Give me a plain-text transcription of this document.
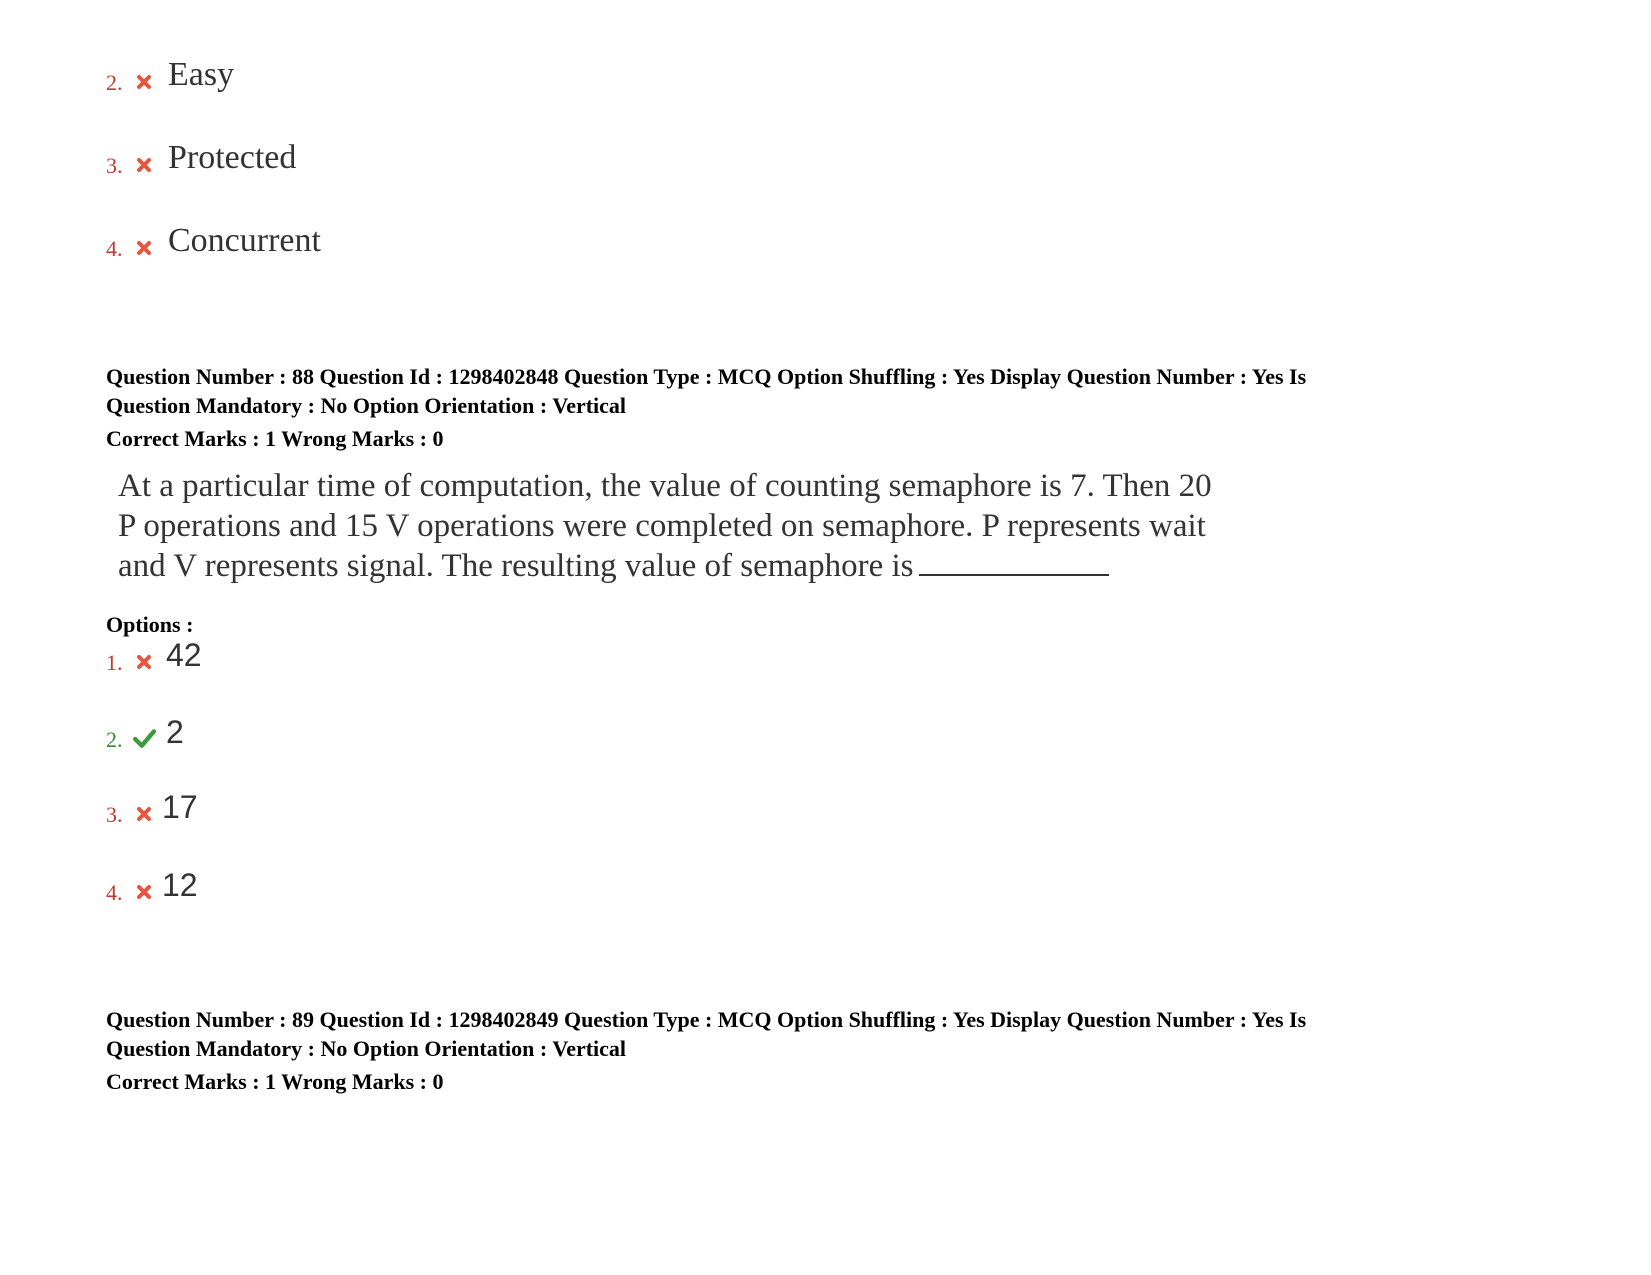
2. Easy
3. Protected
4. Concurrent
Question Number : 88 Question Id : 1298402848 Question Type : MCQ Option Shuffling : Yes Display Question Number : Yes Is
Question Mandatory : No Option Orientation : Vertical
Correct Marks : 1 Wrong Marks : 0
At a particular time of computation, the value of counting semaphore is 7. Then 20
P operations and 15 V operations were completed on semaphore. P represents wait
and V represents signal. The resulting value of semaphore is
Options :
1. 42
2. 2
3. 17
4. 12
Question Number : 89 Question Id : 1298402849 Question Type : MCQ Option Shuffling : Yes Display Question Number : Yes Is
Question Mandatory : No Option Orientation : Vertical
Correct Marks : 1 Wrong Marks : 0
